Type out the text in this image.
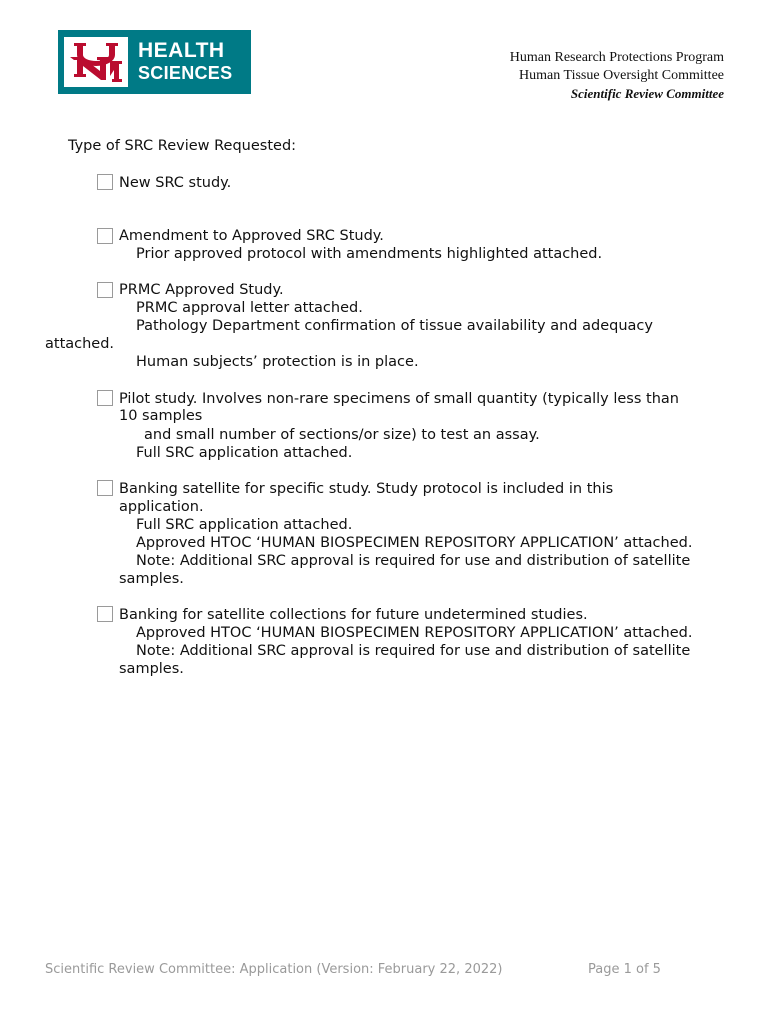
HEALTH
SCIENCES
Human Research Protections Program
Human Tissue Oversight Committee
Scientific Review Committee
Type of SRC Review Requested:
New SRC study.
Amendment to Approved SRC Study.
Prior approved protocol with amendments highlighted attached.
PRMC Approved Study.
PRMC approval letter attached.
Pathology Department confirmation of tissue availability and adequacy
attached.
Human subjects’ protection is in place.
Pilot study. Involves non-rare specimens of small quantity (typically less than
10 samples
and small number of sections/or size) to test an assay.
Full SRC application attached.
Banking satellite for specific study. Study protocol is included in this
application.
Full SRC application attached.
Approved HTOC ‘HUMAN BIOSPECIMEN REPOSITORY APPLICATION’ attached.
Note: Additional SRC approval is required for use and distribution of satellite
samples.
Banking for satellite collections for future undetermined studies.
Approved HTOC ‘HUMAN BIOSPECIMEN REPOSITORY APPLICATION’ attached.
Note: Additional SRC approval is required for use and distribution of satellite
samples.
Scientific Review Committee: Application (Version: February 22, 2022)	Page 1 of 5
